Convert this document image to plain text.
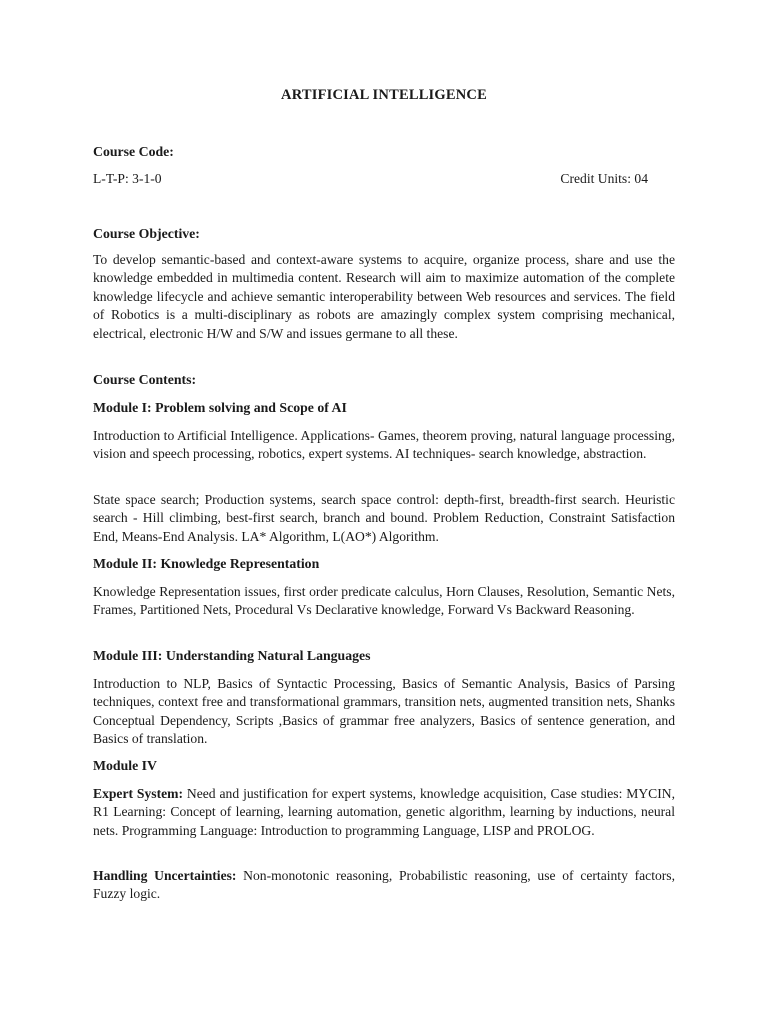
ARTIFICIAL INTELLIGENCE
Course Code:
L-T-P: 3-1-0	Credit Units: 04
Course Objective:
To develop semantic-based and context-aware systems to acquire, organize process, share and use the knowledge embedded in multimedia content. Research will aim to maximize automation of the complete knowledge lifecycle and achieve semantic interoperability between Web resources and services. The field of Robotics is a multi-disciplinary as robots are amazingly complex system comprising mechanical, electrical, electronic H/W and S/W and issues germane to all these.
Course Contents:
Module I: Problem solving and Scope of AI
Introduction to Artificial Intelligence. Applications- Games, theorem proving, natural language processing, vision and speech processing, robotics, expert systems. AI techniques- search knowledge, abstraction.
State space search; Production systems, search space control: depth-first, breadth-first search. Heuristic search - Hill climbing, best-first search, branch and bound. Problem Reduction, Constraint Satisfaction End, Means-End Analysis. LA* Algorithm, L(AO*) Algorithm.
Module II: Knowledge Representation
Knowledge Representation issues, first order predicate calculus, Horn Clauses, Resolution, Semantic Nets, Frames, Partitioned Nets, Procedural Vs Declarative knowledge, Forward Vs Backward Reasoning.
Module III: Understanding Natural Languages
Introduction to NLP, Basics of Syntactic Processing, Basics of Semantic Analysis, Basics of Parsing techniques, context free and transformational grammars, transition nets, augmented transition nets, Shanks Conceptual Dependency, Scripts ,Basics of grammar free analyzers, Basics of sentence generation, and Basics of translation.
Module IV
Expert System: Need and justification for expert systems, knowledge acquisition, Case studies: MYCIN, R1 Learning: Concept of learning, learning automation, genetic algorithm, learning by inductions, neural nets. Programming Language: Introduction to programming Language, LISP and PROLOG.
Handling Uncertainties: Non-monotonic reasoning, Probabilistic reasoning, use of certainty factors, Fuzzy logic.
